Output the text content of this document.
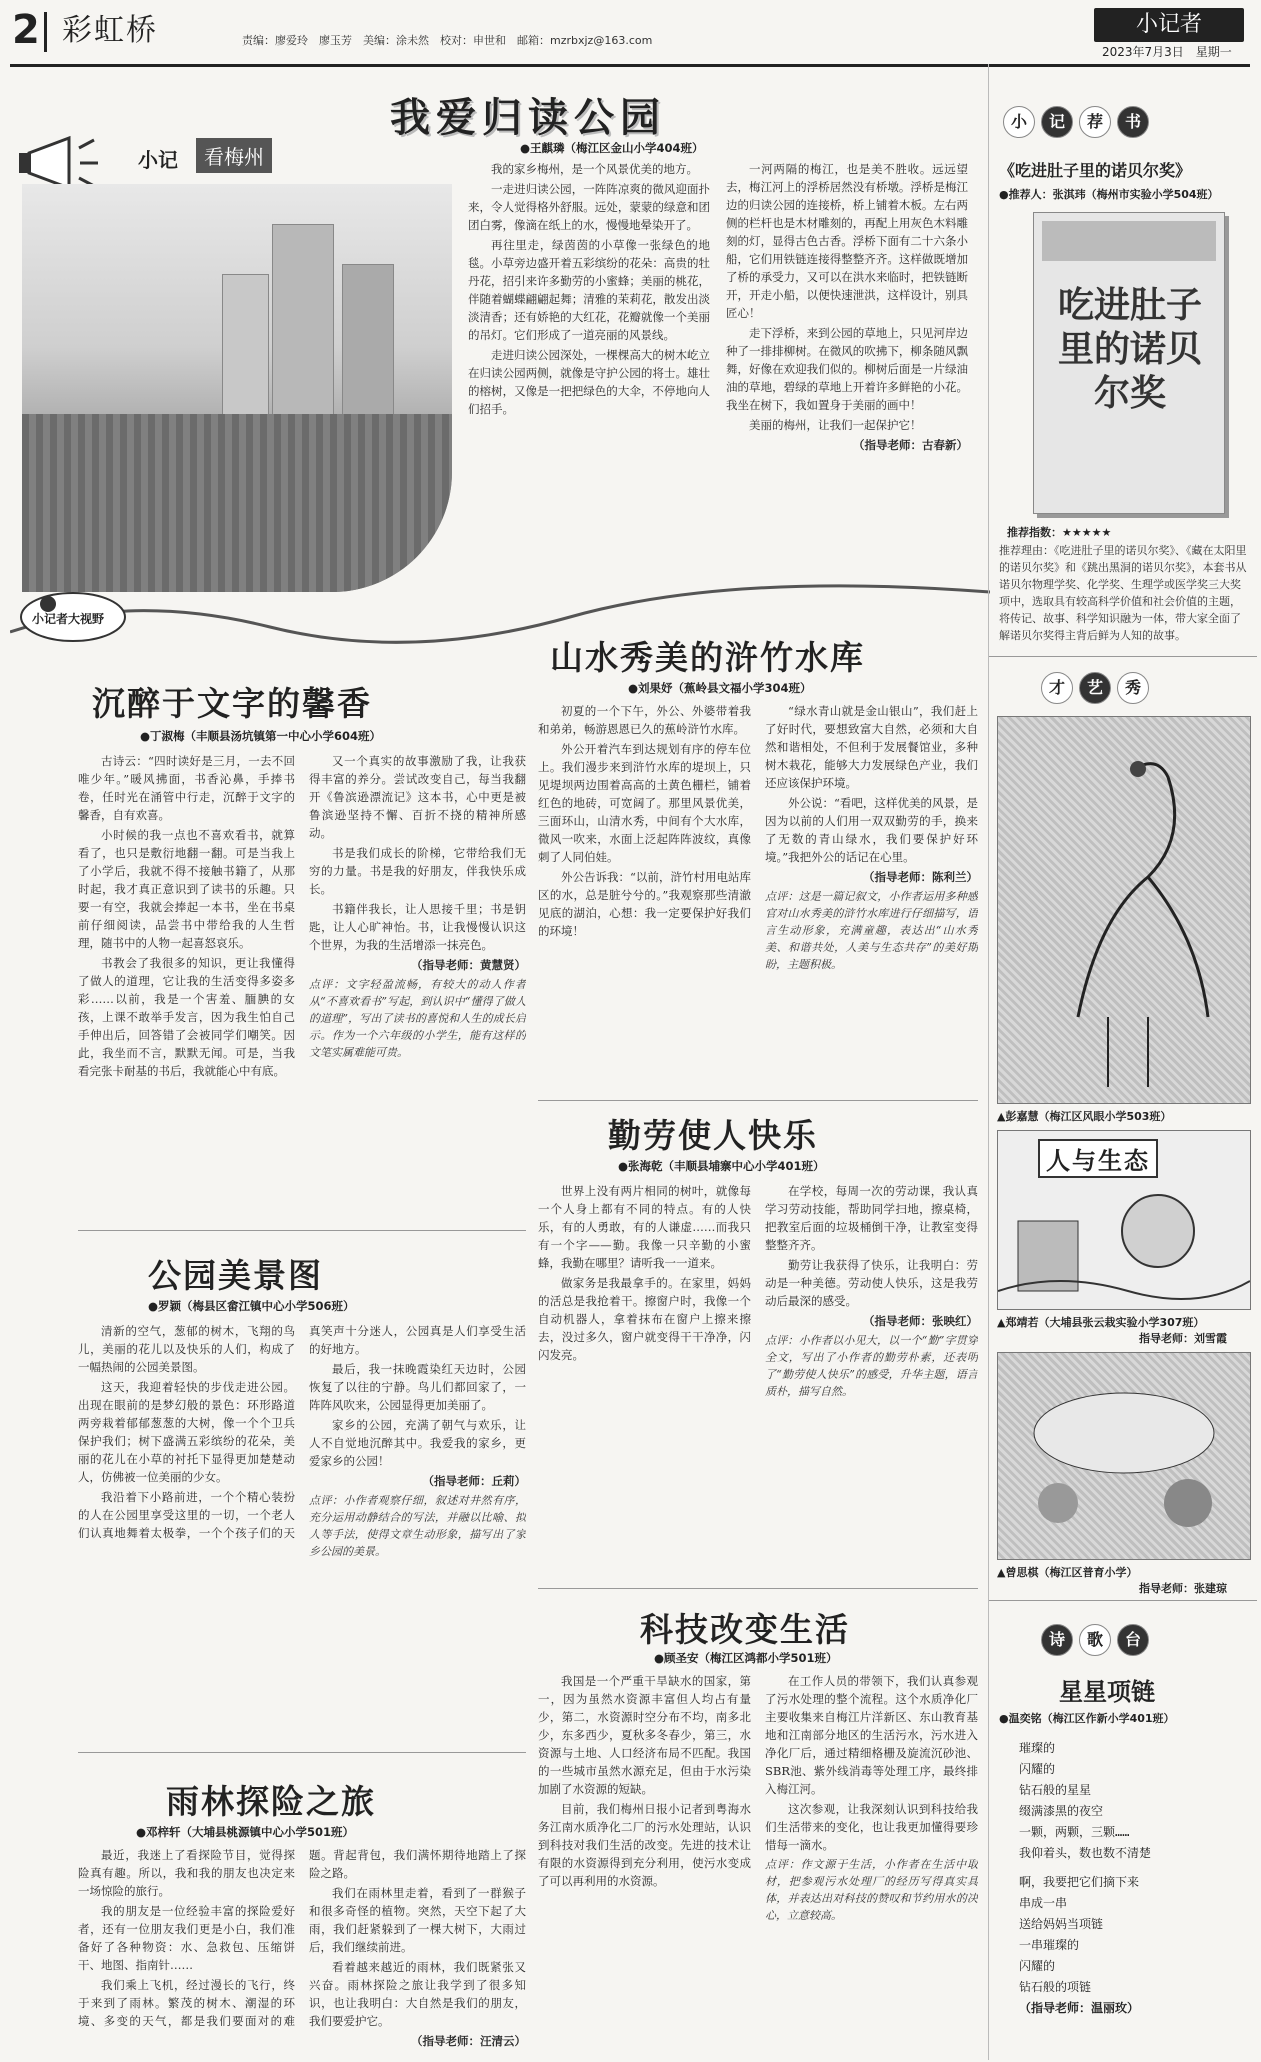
2 彩虹桥	责编：廖爱玲　廖玉芳　美编：涂未然　校对：申世和　邮箱：mzrbxjz@163.com
小记者
2023年7月3日　星期一
小记	看梅州
我爱归读公园
●王麒璘（梅江区金山小学404班）

我的家乡梅州，是一个风景优美的地方。

一走进归读公园，一阵阵凉爽的微风迎面扑来，令人觉得格外舒服。远处，蒙蒙的绿意和团团白雾，像滴在纸上的水，慢慢地晕染开了。

再往里走，绿茵茵的小草像一张绿色的地毯。小草旁边盛开着五彩缤纷的花朵：高贵的牡丹花，招引来许多勤劳的小蜜蜂；美丽的桃花，伴随着蝴蝶翩翩起舞；清雅的茉莉花，散发出淡淡清香；还有娇艳的大红花，花瓣就像一个美丽的吊灯。它们形成了一道亮丽的风景线。

走进归读公园深处，一棵棵高大的树木屹立在归读公园两侧，就像是守护公园的将士。雄壮的榕树，又像是一把把绿色的大伞，不停地向人们招手。

一河两隔的梅江，也是美不胜收。远远望去，梅江河上的浮桥居然没有桥墩。浮桥是梅江边的归读公园的连接桥，桥上铺着木板。左右两侧的栏杆也是木材雕刻的，再配上用灰色木料雕刻的灯，显得古色古香。浮桥下面有二十六条小船，它们用铁链连接得整整齐齐。这样做既增加了桥的承受力，又可以在洪水来临时，把铁链断开，开走小船，以便快速泄洪，这样设计，别具匠心！

走下浮桥，来到公园的草地上，只见河岸边种了一排排柳树。在微风的吹拂下，柳条随风飘舞，好像在欢迎我们似的。柳树后面是一片绿油油的草地，碧绿的草地上开着许多鲜艳的小花。我坐在树下，我如置身于美丽的画中！

美丽的梅州，让我们一起保护它！

（指导老师：古春新）

小记者大视野
沉醉于文字的馨香
●丁淑梅（丰顺县汤坑镇第一中心小学604班）

古诗云：“四时读好是三月，一去不回唯少年。”暖风拂面，书香沁鼻，手捧书卷，任时光在涌管中行走，沉醉于文字的馨香，自有欢喜。

小时候的我一点也不喜欢看书，就算看了，也只是敷衍地翻一翻。可是当我上了小学后，我就不得不接触书籍了，从那时起，我才真正意识到了读书的乐趣。只要一有空，我就会捧起一本书，坐在书桌前仔细阅读，品尝书中带给我的人生哲理，随书中的人物一起喜怒哀乐。

书教会了我很多的知识，更让我懂得了做人的道理，它让我的生活变得多姿多彩……以前，我是一个害羞、腼腆的女孩，上课不敢举手发言，因为我生怕自己手伸出后，回答错了会被同学们嘲笑。因此，我坐而不言，默默无闻。可是，当我看完张卡耐基的书后，我就能心中有底。

又一个真实的故事激励了我，让我获得丰富的养分。尝试改变自己，每当我翻开《鲁滨逊漂流记》这本书，心中更是被鲁滨逊坚持不懈、百折不挠的精神所感动。

书是我们成长的阶梯，它带给我们无穷的力量。书是我的好朋友，伴我快乐成长。

书籍伴我长，让人思接千里；书是钥匙，让人心旷神怡。书，让我慢慢认识这个世界，为我的生活增添一抹亮色。

（指导老师：黄慧贤）

点评：文字轻盈流畅，有较大的动人作者从“不喜欢看书”写起，到认识中“懂得了做人的道理”，写出了读书的喜悦和人生的成长启示。作为一个六年级的小学生，能有这样的文笔实属难能可贵。

公园美景图
●罗颖（梅县区畲江镇中心小学506班）

清新的空气，葱郁的树木，飞翔的鸟儿，美丽的花儿以及快乐的人们，构成了一幅热闹的公园美景图。

这天，我迎着轻快的步伐走进公园。出现在眼前的是梦幻般的景色：环形路道两旁栽着郁郁葱葱的大树，像一个个卫兵保护我们；树下盛满五彩缤纷的花朵，美丽的花儿在小草的衬托下显得更加楚楚动人，仿佛被一位美丽的少女。

我沿着下小路前进，一个个精心装扮的人在公园里享受这里的一切，一个老人们认真地舞着太极拳，一个个孩子们的天真笑声十分迷人，公园真是人们享受生活的好地方。

最后，我一抹晚霞染红天边时，公园恢复了以往的宁静。鸟儿们都回家了，一阵阵风吹来，公园显得更加美丽了。

家乡的公园，充满了朝气与欢乐，让人不自觉地沉醉其中。我爱我的家乡，更爱家乡的公园！

（指导老师：丘莉）

点评：小作者观察仔细，叙述对井然有序，充分运用动静结合的写法，并融以比喻、拟人等手法，使得文章生动形象，描写出了家乡公园的美景。

雨林探险之旅
●邓梓轩（大埔县桃源镇中心小学501班）

最近，我迷上了看探险节目，觉得探险真有趣。所以，我和我的朋友也决定来一场惊险的旅行。

我的朋友是一位经验丰富的探险爱好者，还有一位朋友我们更是小白，我们准备好了各种物资：水、急救包、压缩饼干、地图、指南针……

我们乘上飞机，经过漫长的飞行，终于来到了雨林。繁茂的树木、潮湿的环境、多变的天气，都是我们要面对的难题。背起背包，我们满怀期待地踏上了探险之路。

我们在雨林里走着，看到了一群猴子和很多奇怪的植物。突然，天空下起了大雨，我们赶紧躲到了一棵大树下，大雨过后，我们继续前进。

看着越来越近的雨林，我们既紧张又兴奋。雨林探险之旅让我学到了很多知识，也让我明白：大自然是我们的朋友，我们要爱护它。

（指导老师：汪清云）

山水秀美的浒竹水库
●刘果妤（蕉岭县文福小学304班）

初夏的一个下午，外公、外婆带着我和弟弟，畅游恩恩已久的蕉岭浒竹水库。

外公开着汽车到达规划有序的停车位上。我们漫步来到浒竹水库的堤坝上，只见堤坝两边围着高高的土黄色栅栏，铺着红色的地砖，可宽阔了。那里风景优美，三面环山，山清水秀，中间有个大水库，微风一吹来，水面上泛起阵阵波纹，真像刺了人同伯娃。

外公告诉我：“以前，浒竹村用电站库区的水，总是脏兮兮的。”我观察那些清澈见底的湖泊，心想：我一定要保护好我们的环境！

“绿水青山就是金山银山”，我们赶上了好时代，要想致富大自然，必须和大自然和谐相处，不但利于发展餐馆业，多种树木栽花，能够大力发展绿色产业，我们还应该保护环境。

外公说：“看吧，这样优美的风景，是因为以前的人们用一双双勤劳的手，换来了无数的青山绿水，我们要保护好环境。”我把外公的话记在心里。

（指导老师：陈利兰）

点评：这是一篇记叙文，小作者运用多种感官对山水秀美的浒竹水库进行仔细描写，语言生动形象，充满童趣，表达出“山水秀美、和谐共处，人美与生态共存”的美好期盼，主题积极。

勤劳使人快乐
●张海乾（丰顺县埔寨中心小学401班）

世界上没有两片相同的树叶，就像每一个人身上都有不同的特点。有的人快乐，有的人勇敢，有的人谦虚……而我只有一个字——勤。我像一只辛勤的小蜜蜂，我勤在哪里？请听我一一道来。

做家务是我最拿手的。在家里，妈妈的活总是我抢着干。擦窗户时，我像一个自动机器人，拿着抹布在窗户上擦来擦去，没过多久，窗户就变得干干净净，闪闪发亮。

在学校，每周一次的劳动课，我认真学习劳动技能，帮助同学扫地，擦桌椅，把教室后面的垃圾桶倒干净，让教室变得整整齐齐。

勤劳让我获得了快乐，让我明白：劳动是一种美德。劳动使人快乐，这是我劳动后最深的感受。

（指导老师：张映红）

点评：小作者以小见大，以一个“勤”字贯穿全文，写出了小作者的勤劳朴素，还表明了“勤劳使人快乐”的感受，升华主题，语言质朴，描写自然。

科技改变生活
●顾圣安（梅江区鸿都小学501班）

我国是一个严重干旱缺水的国家，第一，因为虽然水资源丰富但人均占有量少，第二，水资源时空分布不均，南多北少，东多西少，夏秋多冬春少，第三，水资源与土地、人口经济布局不匹配。我国的一些城市虽然水源充足，但由于水污染加剧了水资源的短缺。

目前，我们梅州日报小记者到粤海水务江南水质净化二厂的污水处理站，认识到科技对我们生活的改变。先进的技术让有限的水资源得到充分利用，使污水变成了可以再利用的水资源。

在工作人员的带领下，我们认真参观了污水处理的整个流程。这个水质净化厂主要收集来自梅江片洋新区、东山教育基地和江南部分地区的生活污水，污水进入净化厂后，通过精细格栅及旋流沉砂池、SBR池、紫外线消毒等处理工序，最终排入梅江河。

这次参观，让我深刻认识到科技给我们生活带来的变化，也让我更加懂得要珍惜每一滴水。

点评：作文源于生活，小作者在生活中取材，把参观污水处理厂的经历写得真实具体，并表达出对科技的赞叹和节约用水的决心，立意较高。

小 记 荐 书
《吃进肚子里的诺贝尔奖》
●推荐人：张淇玮（梅州市实验小学504班）
吃进肚子里的诺贝尔奖
推荐指数：★★★★★
推荐理由：《吃进肚子里的诺贝尔奖》、《藏在太阳里的诺贝尔奖》和《跳出黑洞的诺贝尔奖》，本套书从诺贝尔物理学奖、化学奖、生理学或医学奖三大奖项中，选取具有较高科学价值和社会价值的主题，将传记、故事、科学知识融为一体，带大家全面了解诺贝尔奖得主背后鲜为人知的故事。
才 艺 秀
▲彭嘉慧（梅江区风眼小学503班）
人与生态
▲郑靖若（大埔县张云栽实验小学307班）
指导老师：刘雪霞
▲曾思棋（梅江区普育小学）
指导老师：张建琼
诗 歌 台
星星项链
●温奕铭（梅江区作新小学401班）
璀璨的
闪耀的
钻石般的星星
缀满漆黑的夜空
一颗，两颗，三颗……
我仰着头，数也数不清楚
啊，我要把它们摘下来
串成一串
送给妈妈当项链
一串璀璨的
闪耀的
钻石般的项链
（指导老师：温丽玫）
